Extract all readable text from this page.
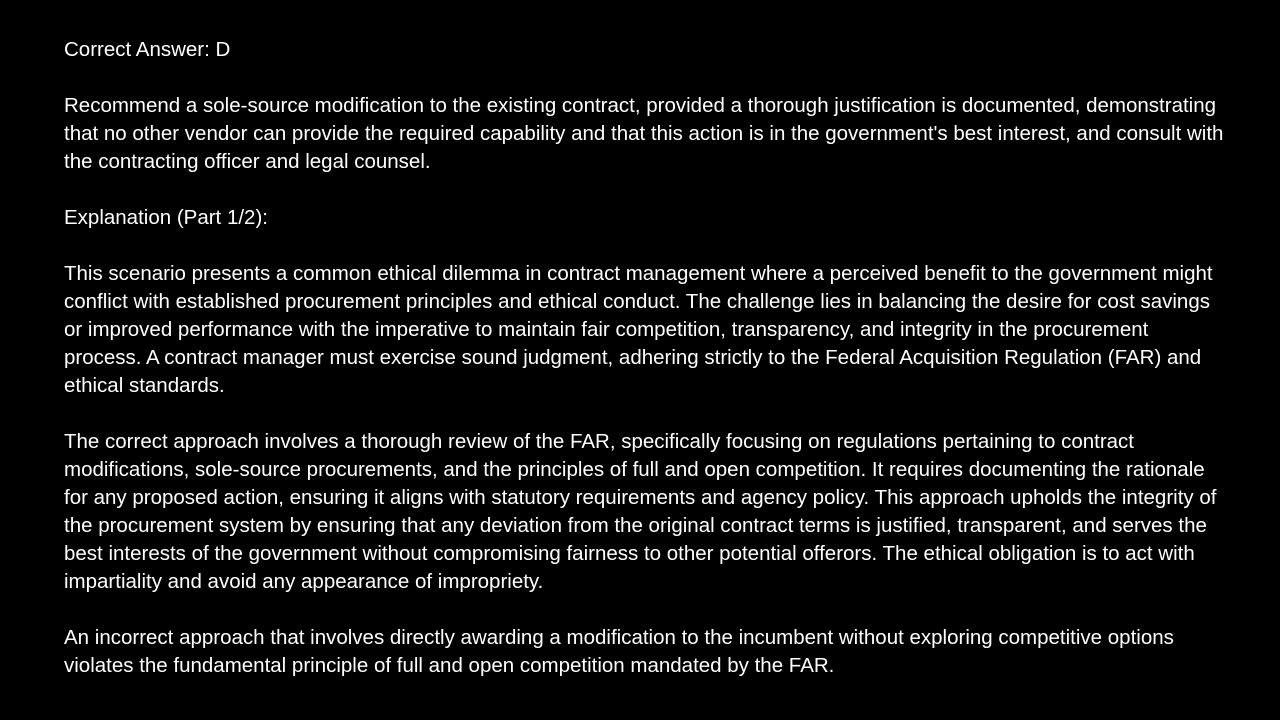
Correct Answer: D

Recommend a sole-source modification to the existing contract, provided a thorough justification is documented, demonstrating that no other vendor can provide the required capability and that this action is in the government's best interest, and consult with the contracting officer and legal counsel.

Explanation (Part 1/2):

This scenario presents a common ethical dilemma in contract management where a perceived benefit to the government might conflict with established procurement principles and ethical conduct. The challenge lies in balancing the desire for cost savings or improved performance with the imperative to maintain fair competition, transparency, and integrity in the procurement process. A contract manager must exercise sound judgment, adhering strictly to the Federal Acquisition Regulation (FAR) and ethical standards.

The correct approach involves a thorough review of the FAR, specifically focusing on regulations pertaining to contract modifications, sole-source procurements, and the principles of full and open competition. It requires documenting the rationale for any proposed action, ensuring it aligns with statutory requirements and agency policy. This approach upholds the integrity of the procurement system by ensuring that any deviation from the original contract terms is justified, transparent, and serves the best interests of the government without compromising fairness to other potential offerors. The ethical obligation is to act with impartiality and avoid any appearance of impropriety.

An incorrect approach that involves directly awarding a modification to the incumbent without exploring competitive options violates the fundamental principle of full and open competition mandated by the FAR.
